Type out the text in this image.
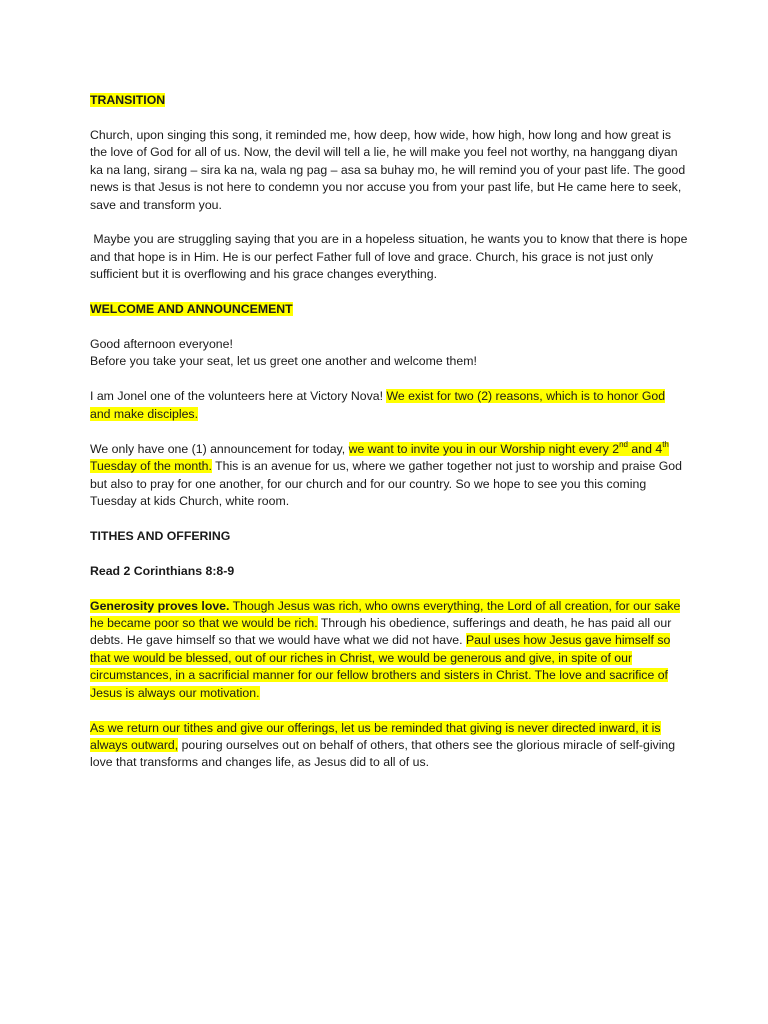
TRANSITION

Church, upon singing this song, it reminded me, how deep, how wide, how high, how long and how great is the love of God for all of us. Now, the devil will tell a lie, he will make you feel not worthy, na hanggang diyan ka na lang, sirang – sira ka na, wala ng pag – asa sa buhay mo, he will remind you of your past life. The good news is that Jesus is not here to condemn you nor accuse you from your past life, but He came here to seek, save and transform you.

Maybe you are struggling saying that you are in a hopeless situation, he wants you to know that there is hope and that hope is in Him. He is our perfect Father full of love and grace. Church, his grace is not just only sufficient but it is overflowing and his grace changes everything.

WELCOME AND ANNOUNCEMENT

Good afternoon everyone!

Before you take your seat, let us greet one another and welcome them!

I am Jonel one of the volunteers here at Victory Nova! We exist for two (2) reasons, which is to honor God and make disciples.

We only have one (1) announcement for today, we want to invite you in our Worship night every 2nd and 4th Tuesday of the month. This is an avenue for us, where we gather together not just to worship and praise God but also to pray for one another, for our church and for our country. So we hope to see you this coming Tuesday at kids Church, white room.

TITHES AND OFFERING

Read 2 Corinthians 8:8-9

Generosity proves love. Though Jesus was rich, who owns everything, the Lord of all creation, for our sake he became poor so that we would be rich. Through his obedience, sufferings and death, he has paid all our debts. He gave himself so that we would have what we did not have. Paul uses how Jesus gave himself so that we would be blessed, out of our riches in Christ, we would be generous and give, in spite of our circumstances, in a sacrificial manner for our fellow brothers and sisters in Christ. The love and sacrifice of Jesus is always our motivation.

As we return our tithes and give our offerings, let us be reminded that giving is never directed inward, it is always outward, pouring ourselves out on behalf of others, that others see the glorious miracle of self-giving love that transforms and changes life, as Jesus did to all of us.
